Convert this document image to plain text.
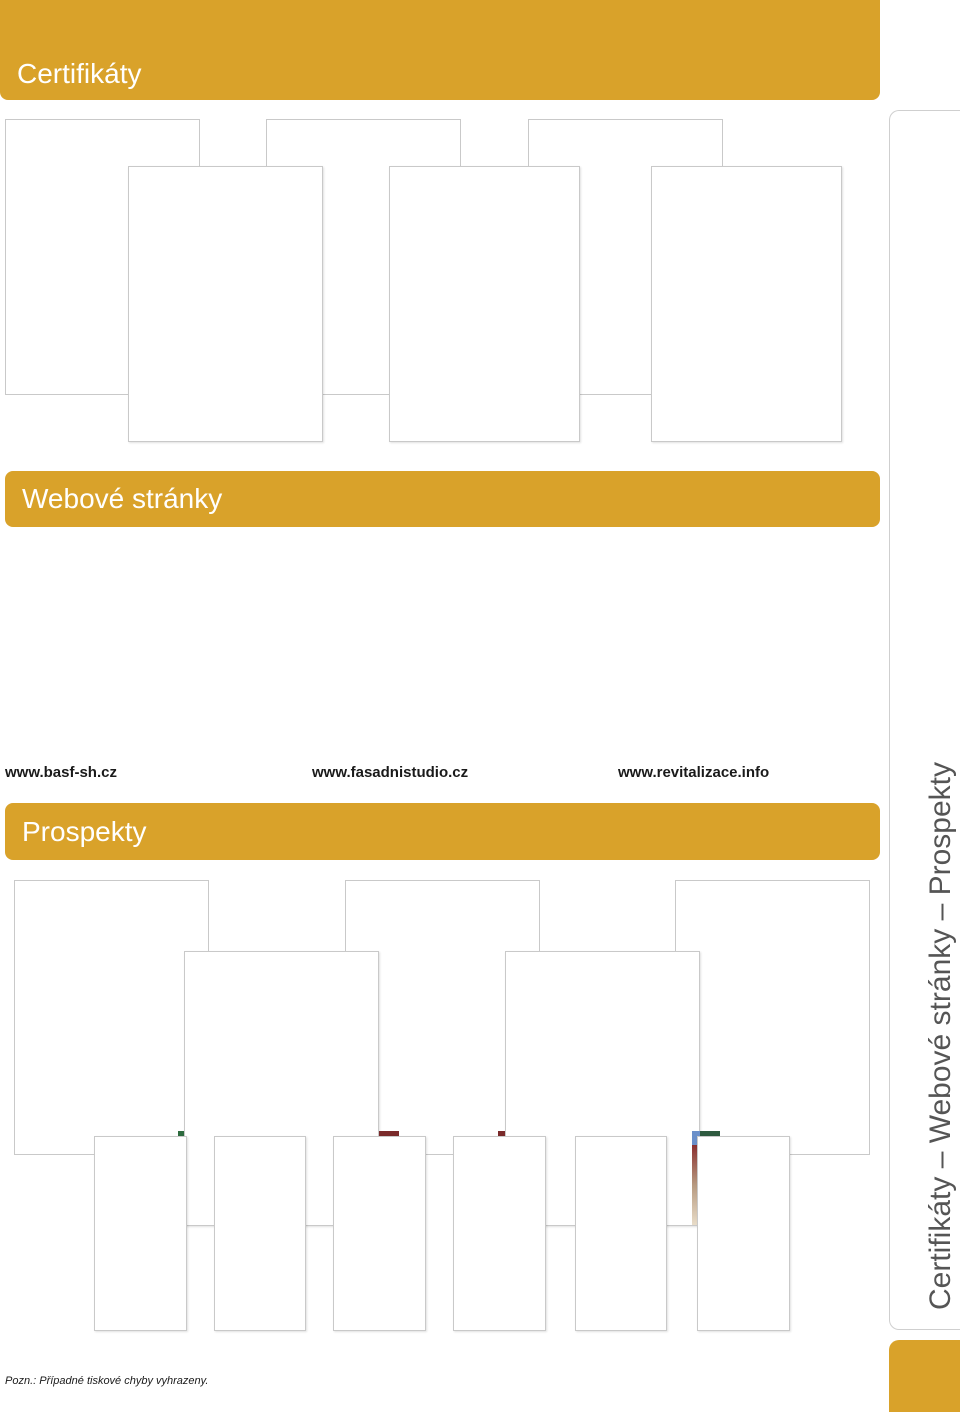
Certifikáty
Webové stránky
www.basf-sh.cz	www.fasadnistudio.cz	www.revitalizace.info
Prospekty	Certifikáty – Webové stránky – Prospekty
Pozn.: Případné tiskové chyby vyhrazeny.
